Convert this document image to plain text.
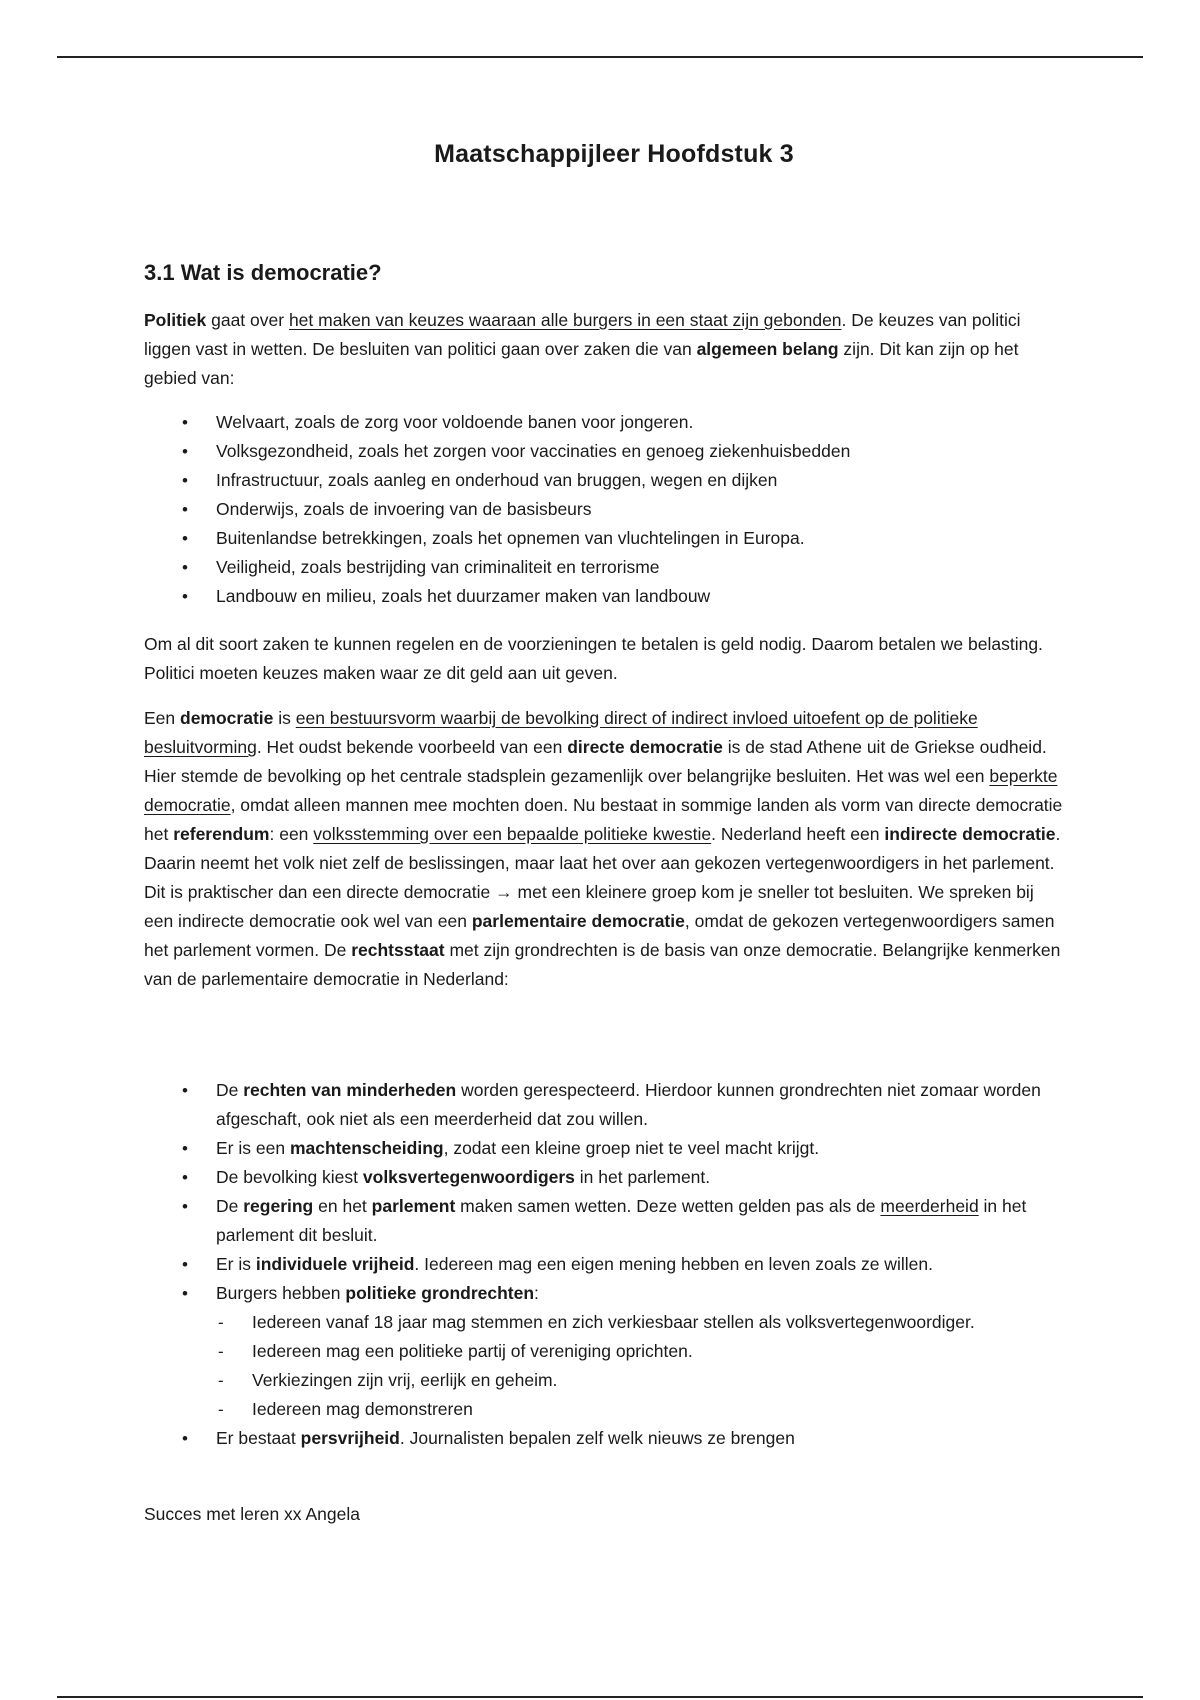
Maatschappijleer Hoofdstuk 3
3.1 Wat is democratie?

Politiek gaat over het maken van keuzes waaraan alle burgers in een staat zijn gebonden. De keuzes van politici liggen vast in wetten. De besluiten van politici gaan over zaken die van algemeen belang zijn. Dit kan zijn op het gebied van:

• Welvaart, zoals de zorg voor voldoende banen voor jongeren.
• Volksgezondheid, zoals het zorgen voor vaccinaties en genoeg ziekenhuisbedden
• Infrastructuur, zoals aanleg en onderhoud van bruggen, wegen en dijken
• Onderwijs, zoals de invoering van de basisbeurs
• Buitenlandse betrekkingen, zoals het opnemen van vluchtelingen in Europa.
• Veiligheid, zoals bestrijding van criminaliteit en terrorisme
• Landbouw en milieu, zoals het duurzamer maken van landbouw

Om al dit soort zaken te kunnen regelen en de voorzieningen te betalen is geld nodig. Daarom betalen we belasting. Politici moeten keuzes maken waar ze dit geld aan uit geven.

Een democratie is een bestuursvorm waarbij de bevolking direct of indirect invloed uitoefent op de politieke besluitvorming. Het oudst bekende voorbeeld van een directe democratie is de stad Athene uit de Griekse oudheid. Hier stemde de bevolking op het centrale stadsplein gezamenlijk over belangrijke besluiten. Het was wel een beperkte democratie, omdat alleen mannen mee mochten doen. Nu bestaat in sommige landen als vorm van directe democratie het referendum: een volksstemming over een bepaalde politieke kwestie. Nederland heeft een indirecte democratie. Daarin neemt het volk niet zelf de beslissingen, maar laat het over aan gekozen vertegenwoordigers in het parlement. Dit is praktischer dan een directe democratie → met een kleinere groep kom je sneller tot besluiten. We spreken bij een indirecte democratie ook wel van een parlementaire democratie, omdat de gekozen vertegenwoordigers samen het parlement vormen. De rechtsstaat met zijn grondrechten is de basis van onze democratie. Belangrijke kenmerken van de parlementaire democratie in Nederland:

• De rechten van minderheden worden gerespecteerd. Hierdoor kunnen grondrechten niet zomaar worden afgeschaft, ook niet als een meerderheid dat zou willen.
• Er is een machtenscheiding, zodat een kleine groep niet te veel macht krijgt.
• De bevolking kiest volksvertegenwoordigers in het parlement.
• De regering en het parlement maken samen wetten. Deze wetten gelden pas als de meerderheid in het parlement dit besluit.
• Er is individuele vrijheid. Iedereen mag een eigen mening hebben en leven zoals ze willen.
• Burgers hebben politieke grondrechten:
- Iedereen vanaf 18 jaar mag stemmen en zich verkiesbaar stellen als volksvertegenwoordiger.
- Iedereen mag een politieke partij of vereniging oprichten.
- Verkiezingen zijn vrij, eerlijk en geheim.
- Iedereen mag demonstreren
• Er bestaat persvrijheid. Journalisten bepalen zelf welk nieuws ze brengen

Succes met leren xx Angela
